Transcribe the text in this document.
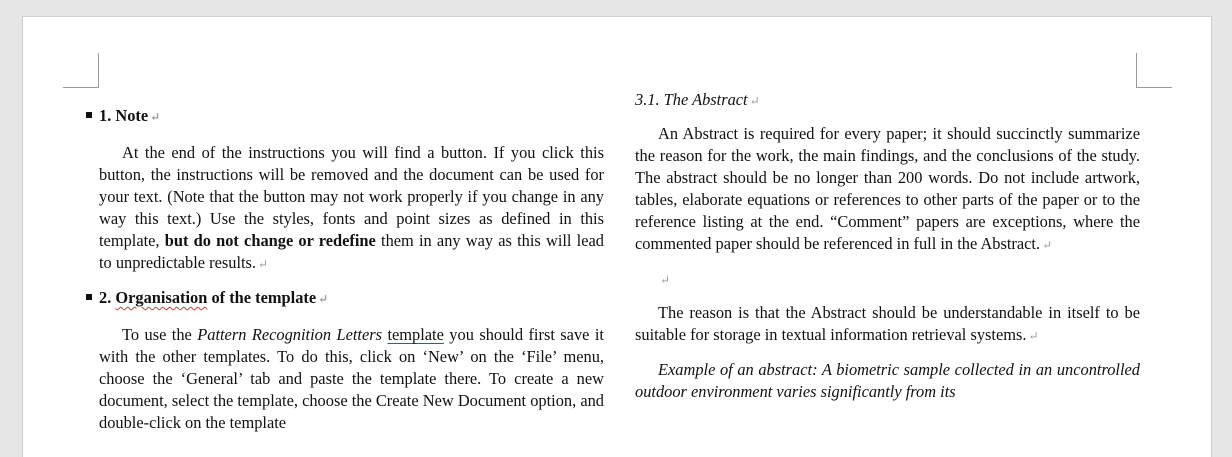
1. Note ↵

At the end of the instructions you will find a button. If you click this button, the instructions will be removed and the document can be used for your text. (Note that the button may not work properly if you change in any way this text.) Use the styles, fonts and point sizes as defined in this template, but do not change or redefine them in any way as this will lead to unpredictable results. ↵

2. Organisation of the template ↵

To use the Pattern Recognition Letters template you should first save it with the other templates. To do this, click on ‘New’ on the ‘File’ menu, choose the ‘General’ tab and paste the template there. To create a new document, select the template, choose the Create New Document option, and double-click on the template

3.1. The Abstract ↵

An Abstract is required for every paper; it should succinctly summarize the reason for the work, the main findings, and the conclusions of the study. The abstract should be no longer than 200 words. Do not include artwork, tables, elaborate equations or references to other parts of the paper or to the reference listing at the end. “Comment” papers are exceptions, where the commented paper should be referenced in full in the Abstract. ↵

↵

The reason is that the Abstract should be understandable in itself to be suitable for storage in textual information retrieval systems. ↵

Example of an abstract: A biometric sample collected in an uncontrolled outdoor environment varies significantly from its
